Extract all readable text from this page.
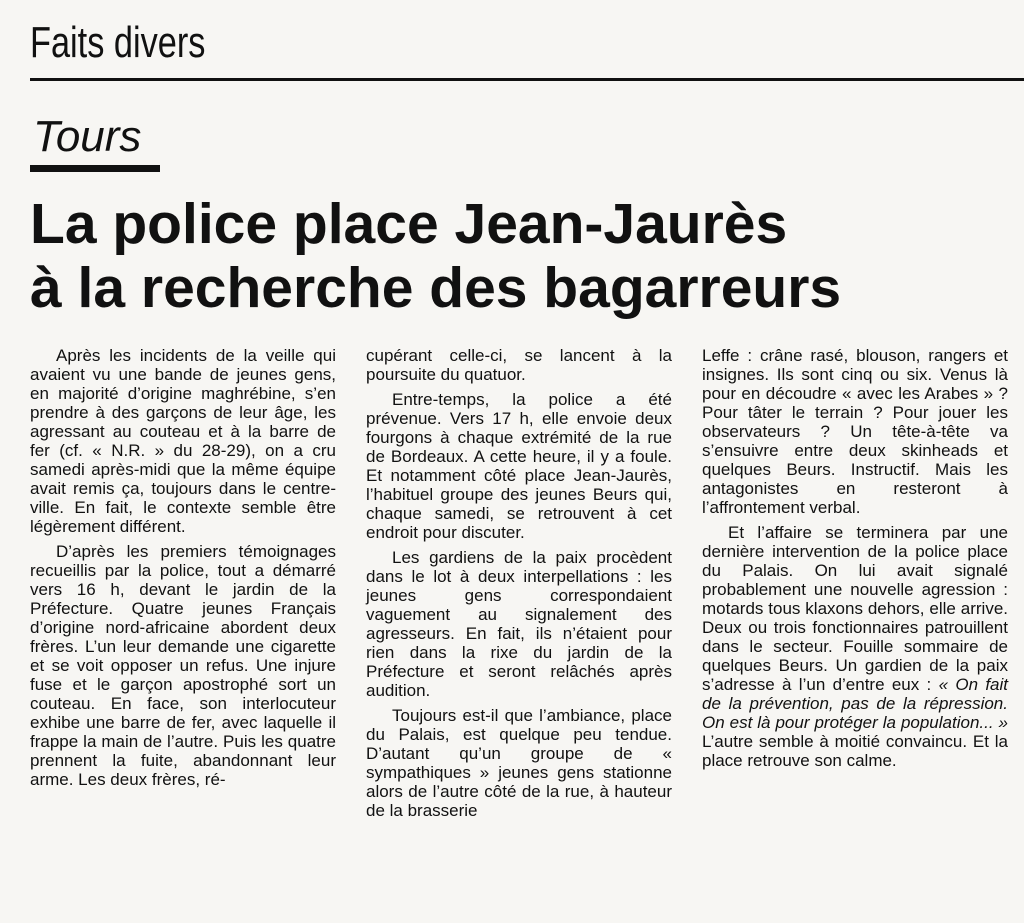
Faits divers
Tours
La police place Jean-Jaurès
à la recherche des bagarreurs

Après les incidents de la veille qui avaient vu une bande de jeunes gens, en majorité d’origine maghrébine, s’en prendre à des garçons de leur âge, les agressant au couteau et à la barre de fer (cf. « N.R. » du 28-29), on a cru samedi après-midi que la même équipe avait remis ça, toujours dans le centre-ville. En fait, le contexte semble être légèrement différent.

D’après les premiers témoignages recueillis par la police, tout a démarré vers 16 h, devant le jardin de la Préfecture. Quatre jeunes Français d’origine nord-africaine abordent deux frères. L’un leur demande une cigarette et se voit opposer un refus. Une injure fuse et le garçon apostrophé sort un couteau. En face, son interlocuteur exhibe une barre de fer, avec laquelle il frappe la main de l’autre. Puis les quatre prennent la fuite, abandonnant leur arme. Les deux frères, ré-

cupérant celle-ci, se lancent à la poursuite du quatuor.

Entre-temps, la police a été prévenue. Vers 17 h, elle envoie deux fourgons à chaque extrémité de la rue de Bordeaux. A cette heure, il y a foule. Et notamment côté place Jean-Jaurès, l’habituel groupe des jeunes Beurs qui, chaque samedi, se retrouvent à cet endroit pour discuter.

Les gardiens de la paix procèdent dans le lot à deux interpellations : les jeunes gens correspondaient vaguement au signalement des agresseurs. En fait, ils n’étaient pour rien dans la rixe du jardin de la Préfecture et seront relâchés après audition.

Toujours est-il que l’ambiance, place du Palais, est quelque peu tendue. D’autant qu’un groupe de « sympathiques » jeunes gens stationne alors de l’autre côté de la rue, à hauteur de la brasserie

Leffe : crâne rasé, blouson, rangers et insignes. Ils sont cinq ou six. Venus là pour en découdre « avec les Arabes » ? Pour tâter le terrain ? Pour jouer les observateurs ? Un tête-à-tête va s’ensuivre entre deux skinheads et quelques Beurs. Instructif. Mais les antagonistes en resteront à l’affrontement verbal.

Et l’affaire se terminera par une dernière intervention de la police place du Palais. On lui avait signalé probablement une nouvelle agression : motards tous klaxons dehors, elle arrive. Deux ou trois fonctionnaires patrouillent dans le secteur. Fouille sommaire de quelques Beurs. Un gardien de la paix s’adresse à l’un d’entre eux : « On fait de la prévention, pas de la répression. On est là pour protéger la population... » L’autre semble à moitié convaincu. Et la place retrouve son calme.
